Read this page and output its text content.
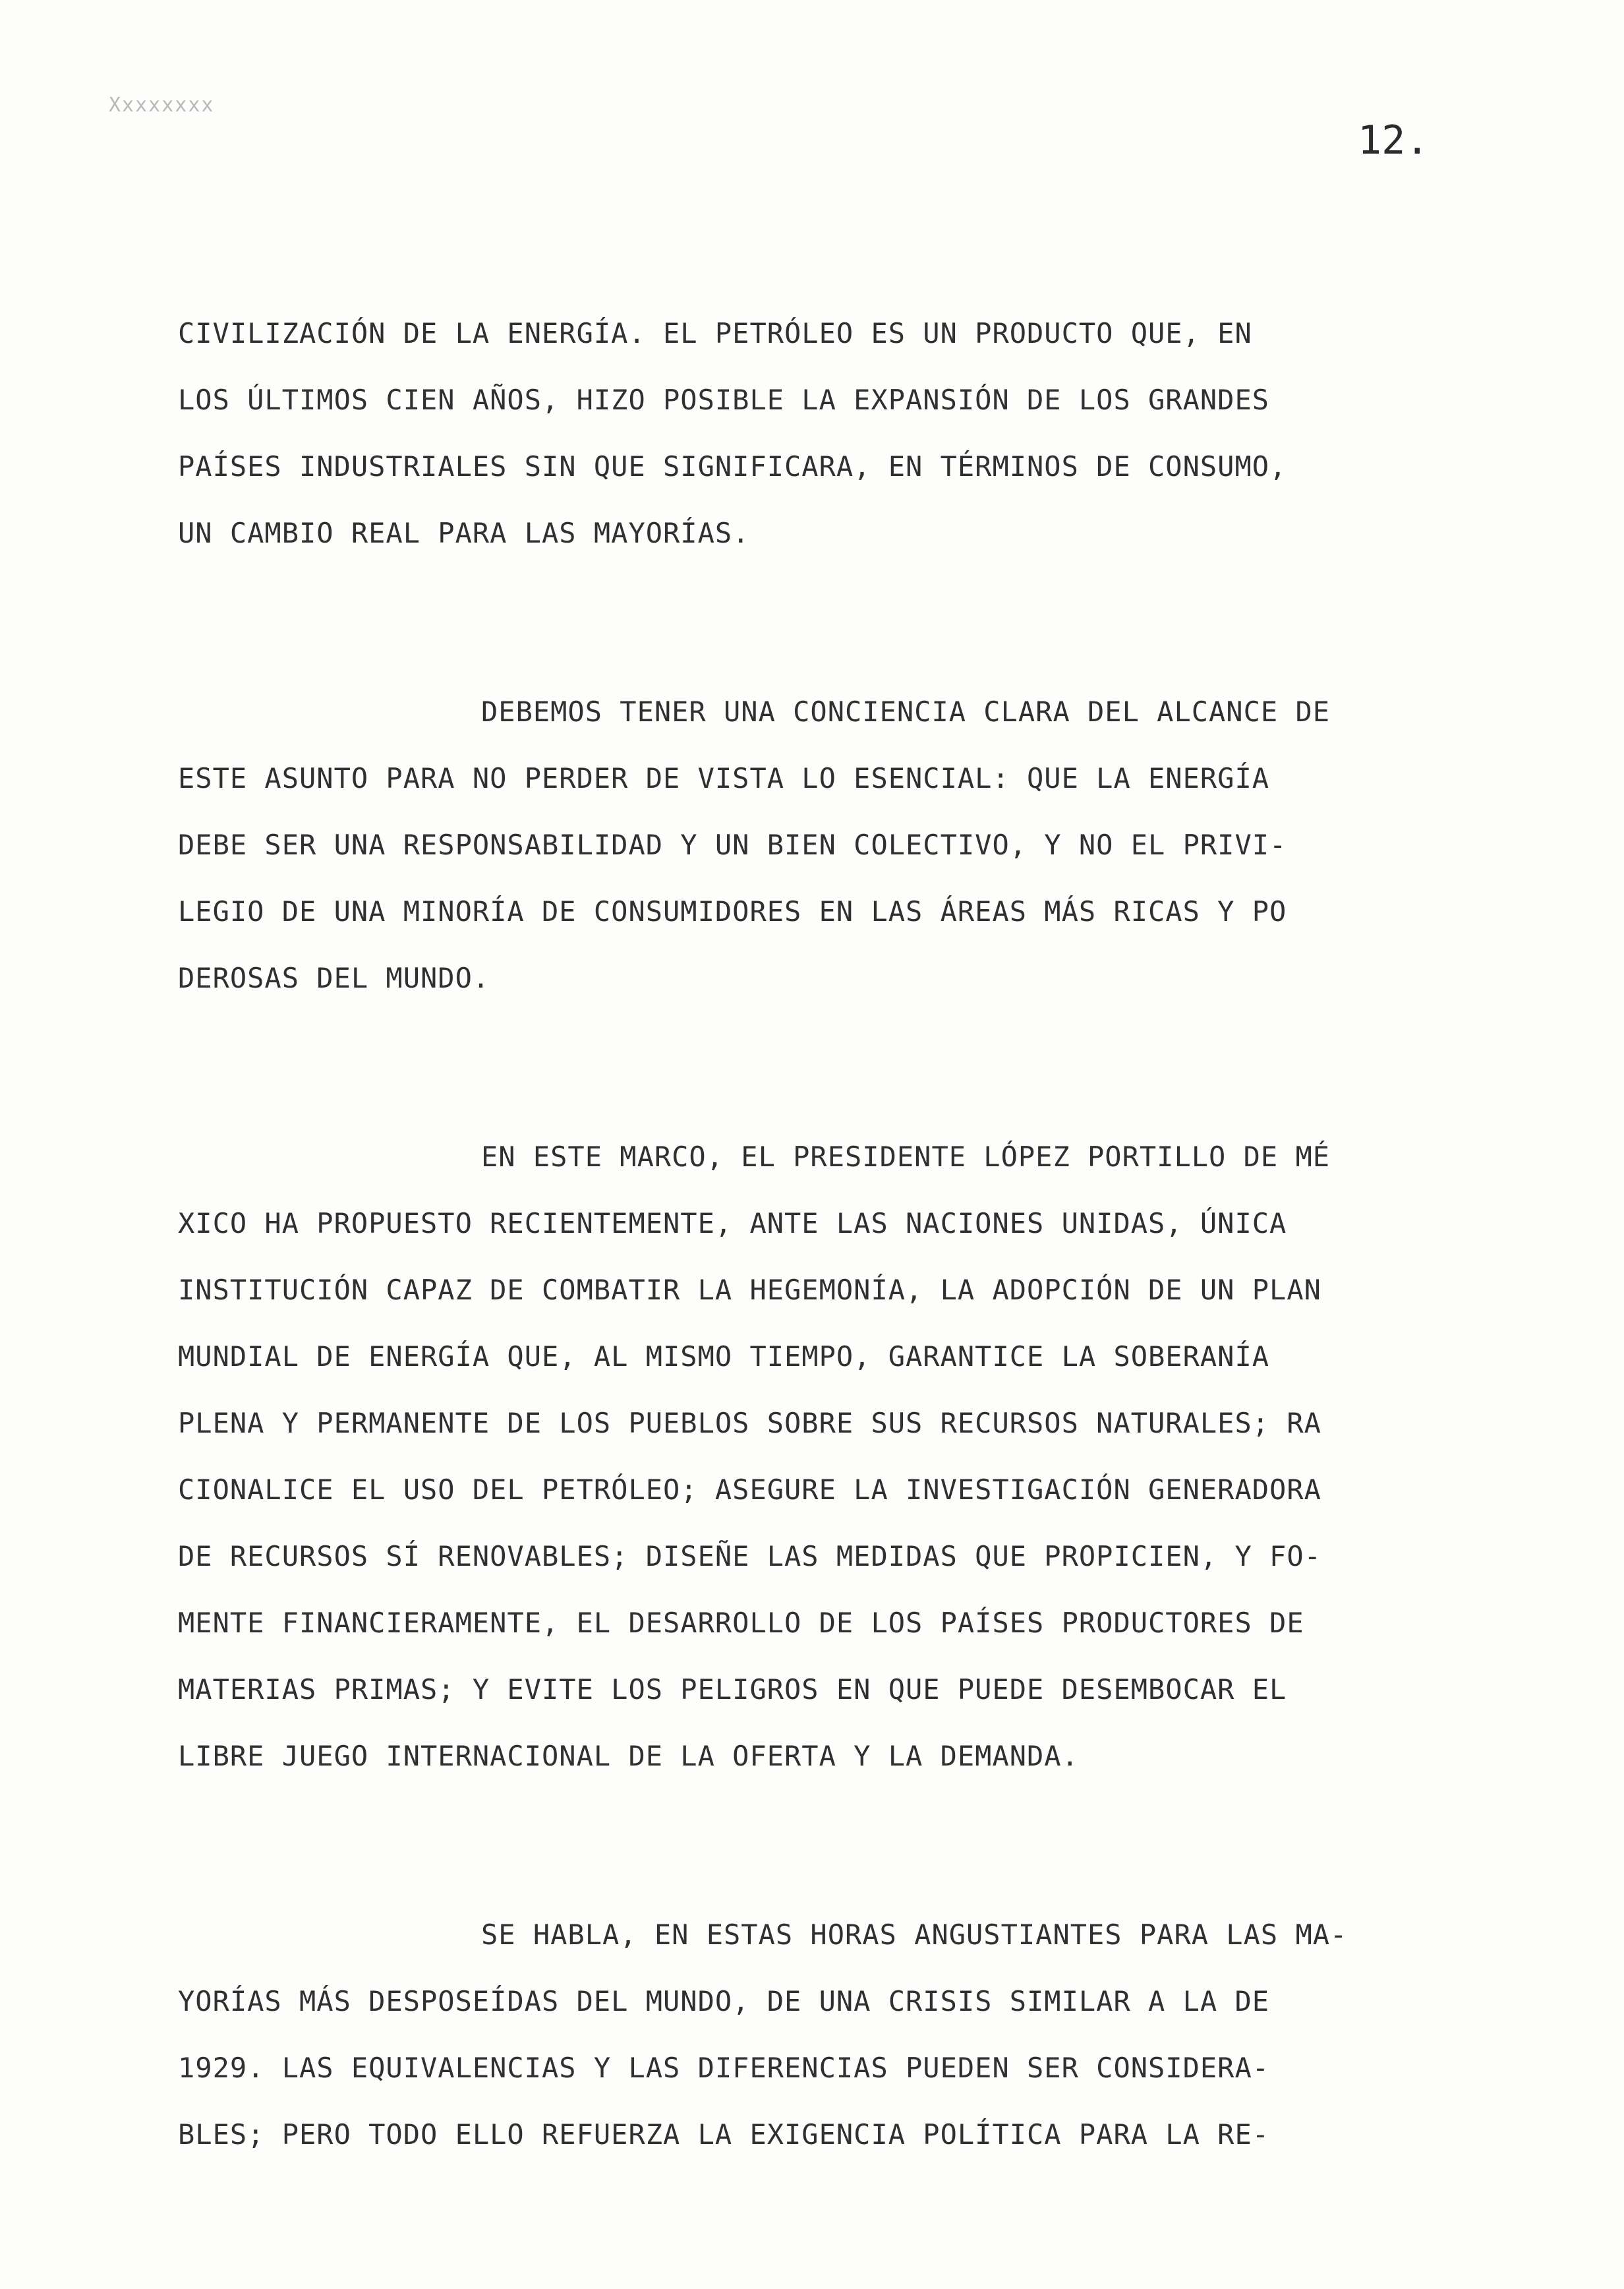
Xxxxxxxx
12.

CIVILIZACIÓN DE LA ENERGÍA. EL PETRÓLEO ES UN PRODUCTO QUE, EN
LOS ÚLTIMOS CIEN AÑOS, HIZO POSIBLE LA EXPANSIÓN DE LOS GRANDES
PAÍSES INDUSTRIALES SIN QUE SIGNIFICARA, EN TÉRMINOS DE CONSUMO,
UN CAMBIO REAL PARA LAS MAYORÍAS.

DEBEMOS TENER UNA CONCIENCIA CLARA DEL ALCANCE DE
ESTE ASUNTO PARA NO PERDER DE VISTA LO ESENCIAL: QUE LA ENERGÍA
DEBE SER UNA RESPONSABILIDAD Y UN BIEN COLECTIVO, Y NO EL PRIVI-
LEGIO DE UNA MINORÍA DE CONSUMIDORES EN LAS ÁREAS MÁS RICAS Y PO
DEROSAS DEL MUNDO.

EN ESTE MARCO, EL PRESIDENTE LÓPEZ PORTILLO DE MÉ
XICO HA PROPUESTO RECIENTEMENTE, ANTE LAS NACIONES UNIDAS, ÚNICA
INSTITUCIÓN CAPAZ DE COMBATIR LA HEGEMONÍA, LA ADOPCIÓN DE UN PLAN
MUNDIAL DE ENERGÍA QUE, AL MISMO TIEMPO, GARANTICE LA SOBERANÍA
PLENA Y PERMANENTE DE LOS PUEBLOS SOBRE SUS RECURSOS NATURALES; RA
CIONALICE EL USO DEL PETRÓLEO; ASEGURE LA INVESTIGACIÓN GENERADORA
DE RECURSOS SÍ RENOVABLES; DISEÑE LAS MEDIDAS QUE PROPICIEN, Y FO-
MENTE FINANCIERAMENTE, EL DESARROLLO DE LOS PAÍSES PRODUCTORES DE
MATERIAS PRIMAS; Y EVITE LOS PELIGROS EN QUE PUEDE DESEMBOCAR EL
LIBRE JUEGO INTERNACIONAL DE LA OFERTA Y LA DEMANDA.

SE HABLA, EN ESTAS HORAS ANGUSTIANTES PARA LAS MA-
YORÍAS MÁS DESPOSEÍDAS DEL MUNDO, DE UNA CRISIS SIMILAR A LA DE
1929. LAS EQUIVALENCIAS Y LAS DIFERENCIAS PUEDEN SER CONSIDERA-
BLES; PERO TODO ELLO REFUERZA LA EXIGENCIA POLÍTICA PARA LA RE-
